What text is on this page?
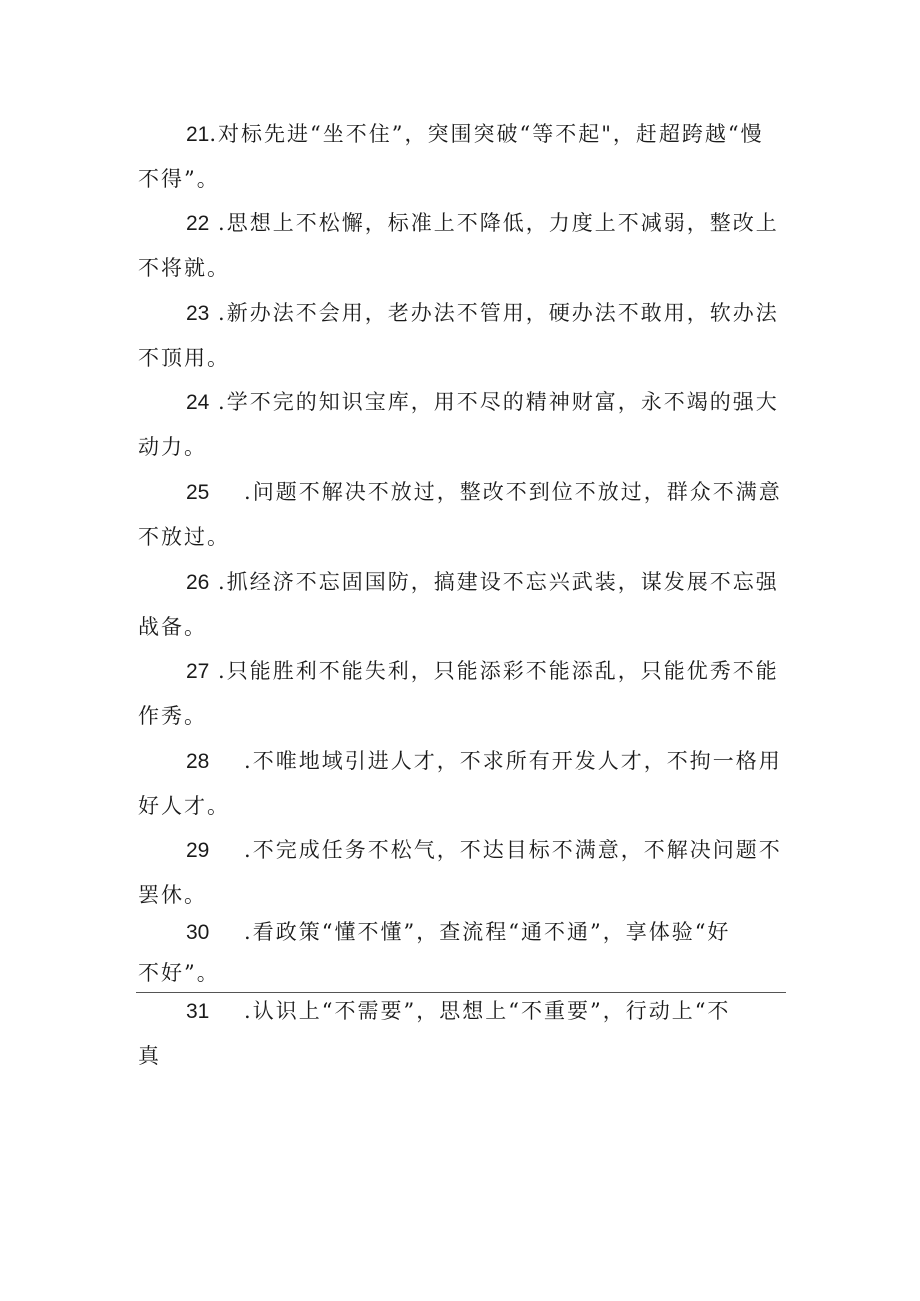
21.对标先进“坐不住”，突围突破“等不起"，赶超跨越“慢
不得”。
22 .思想上不松懈，标准上不降低，力度上不减弱，整改上
不将就。
23 .新办法不会用，老办法不管用，硬办法不敢用，软办法
不顶用。
24 .学不完的知识宝库，用不尽的精神财富，永不竭的强大
动力。
25    .问题不解决不放过，整改不到位不放过，群众不满意
不放过。
26 .抓经济不忘固国防，搞建设不忘兴武装，谋发展不忘强
战备。
27 .只能胜利不能失利，只能添彩不能添乱，只能优秀不能
作秀。
28    .不唯地域引进人才，不求所有开发人才，不拘一格用
好人才。
29    .不完成任务不松气，不达目标不满意，不解决问题不
罢休。
30    .看政策“懂不懂”，查流程“通不通”，享体验“好
不好”。
31    .认识上“不需要”，思想上“不重要”，行动上“不
真
